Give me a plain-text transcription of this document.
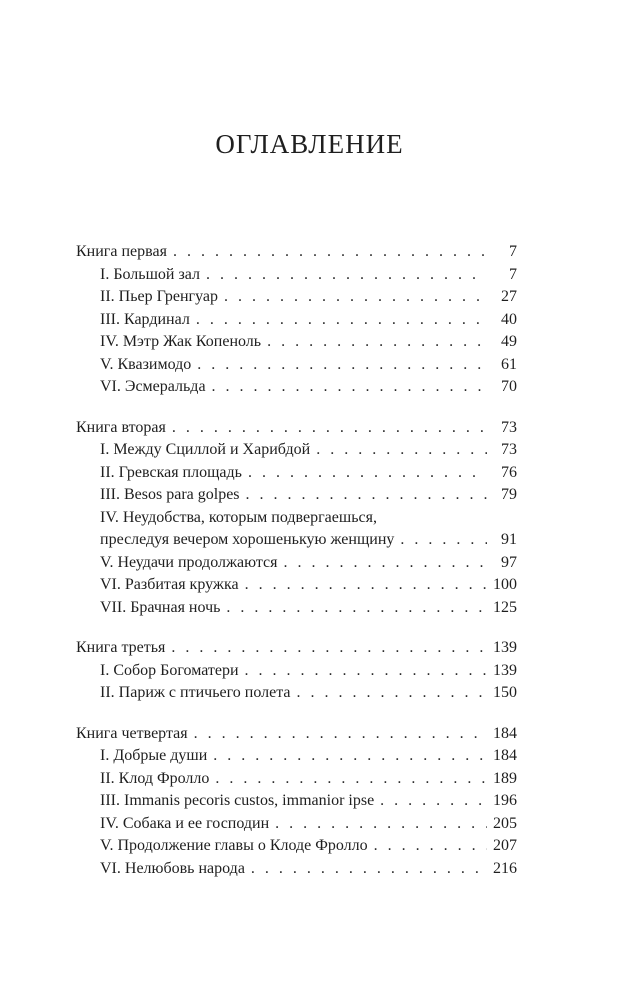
ОГЛАВЛЕНИЕ
Книга первая . . .	7
I. Большой зал . . .	7
II. Пьер Гренгуар . . .	27
III. Кардинал . . .	40
IV. Мэтр Жак Копеноль . . .	49
V. Квазимодо . . .	61
VI. Эсмеральда . . .	70
Книга вторая . . .	73
I. Между Сциллой и Харибдой . . .	73
II. Гревская площадь . . .	76
III. Besos para golpes . . .	79
IV. Неудобства, которым подвергаешься,
преследуя вечером хорошенькую женщину . . .	91
V. Неудачи продолжаются . . .	97
VI. Разбитая кружка . . .	100
VII. Брачная ночь . . .	125
Книга третья . . .	139
I. Собор Богоматери . . .	139
II. Париж с птичьего полета . . .	150
Книга четвертая . . .	184
I. Добрые души . . .	184
II. Клод Фролло . . .	189
III. Immanis pecoris custos, immanior ipse . . .	196
IV. Собака и ее господин . . .	205
V. Продолжение главы о Клоде Фролло . . .	207
VI. Нелюбовь народа . . .	216
